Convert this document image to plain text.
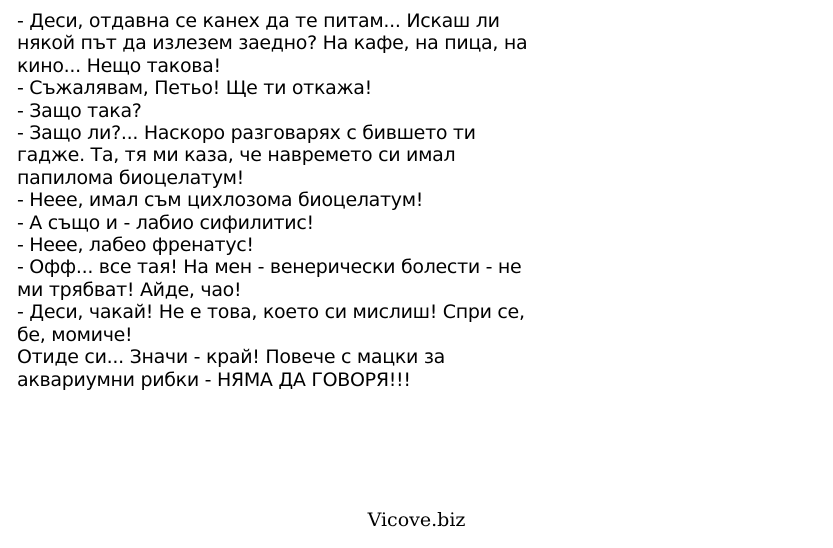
- Деси, отдавна се канех да те питам... Искаш ли
някой път да излезем заедно? На кафе, на пица, на
кино... Нещо такова!
- Съжалявам, Петьо! Ще ти откажа!
- Защо така?
- Защо ли?... Наскоро разговарях с бившето ти
гадже. Та, тя ми каза, че навремето си имал
папилома биоцелатум!
- Нeee, имал съм цихлозома биоцелатум!
- А също и - лабио сифилитис!
- Нeee, лабео френатус!
- Офф... все тая! На мен - венерически болести - не
ми трябват! Айде, чао!
- Деси, чакай! Не е това, което си мислиш! Спри се,
бе, момиче!
Отиде си... Значи - край! Повече с мацки за
аквариумни рибки - НЯМА ДА ГОВОРЯ!!!
Vicove.biz
